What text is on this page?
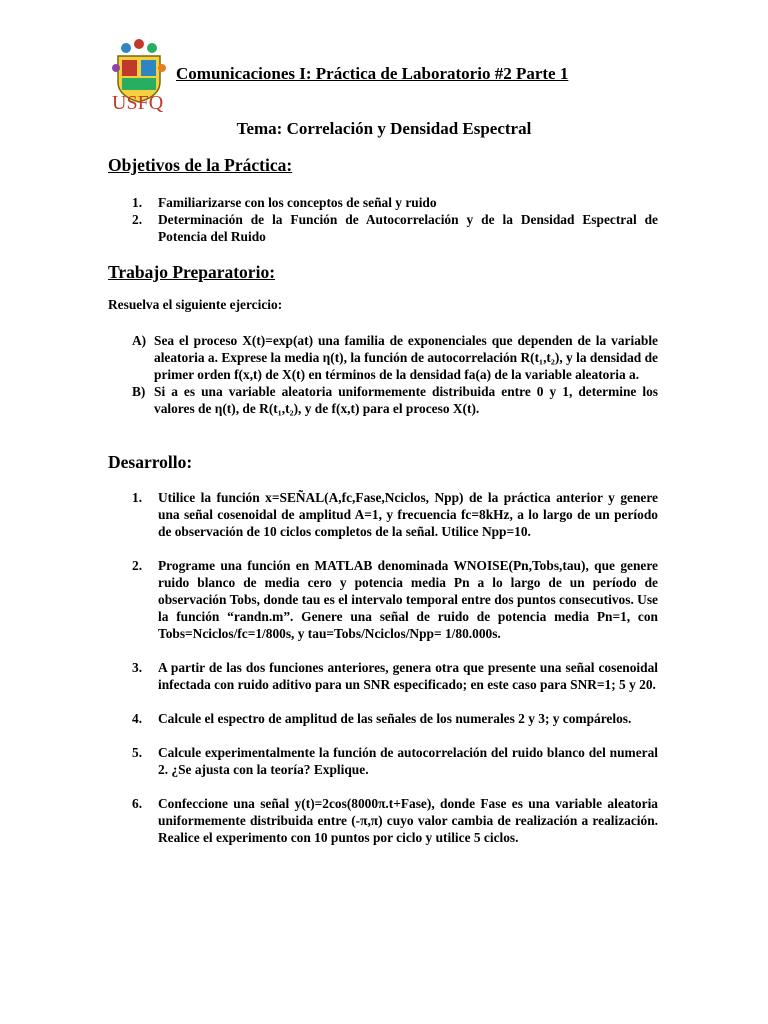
USFQ
Comunicaciones I: Práctica de Laboratorio #2 Parte 1
Tema: Correlación y Densidad Espectral
Objetivos de la Práctica:
1.	Familiarizarse con los conceptos de señal y ruido
2.	Determinación de la Función de Autocorrelación y de la Densidad Espectral de Potencia del Ruido
Trabajo Preparatorio:
Resuelva el siguiente ejercicio:
A) Sea el proceso X(t)=exp(at) una familia de exponenciales que dependen de la variable aleatoria a. Exprese la media η(t), la función de autocorrelación R(t₁,t₂), y la densidad de primer orden f(x,t) de X(t) en términos de la densidad fa(a) de la variable aleatoria a.
B) Si a es una variable aleatoria uniformemente distribuida entre 0 y 1, determine los valores de η(t), de R(t₁,t₂), y de f(x,t) para el proceso X(t).
Desarrollo:
1.	Utilice la función x=SEÑAL(A,fc,Fase,Nciclos, Npp) de la práctica anterior y genere una señal cosenoidal de amplitud A=1, y frecuencia fc=8kHz, a lo largo de un período de observación de 10 ciclos completos de la señal. Utilice Npp=10.
2.	Programe una función en MATLAB denominada WNOISE(Pn,Tobs,tau), que genere ruido blanco de media cero y potencia media Pn a lo largo de un período de observación Tobs, donde tau es el intervalo temporal entre dos puntos consecutivos. Use la función “randn.m”. Genere una señal de ruido de potencia media Pn=1, con Tobs=Nciclos/fc=1/800s, y tau=Tobs/Nciclos/Npp= 1/80.000s.
3.	A partir de las dos funciones anteriores, genera otra que presente una señal cosenoidal infectada con ruido aditivo para un SNR especificado; en este caso para SNR=1; 5 y 20.
4.	Calcule el espectro de amplitud de las señales de los numerales 2 y 3; y compárelos.
5.	Calcule experimentalmente la función de autocorrelación del ruido blanco del numeral 2. ¿Se ajusta con la teoría? Explique.
6.	Confeccione una señal y(t)=2cos(8000π.t+Fase), donde Fase es una variable aleatoria uniformemente distribuida entre (-π,π) cuyo valor cambia de realización a realización. Realice el experimento con 10 puntos por ciclo y utilice 5 ciclos.
